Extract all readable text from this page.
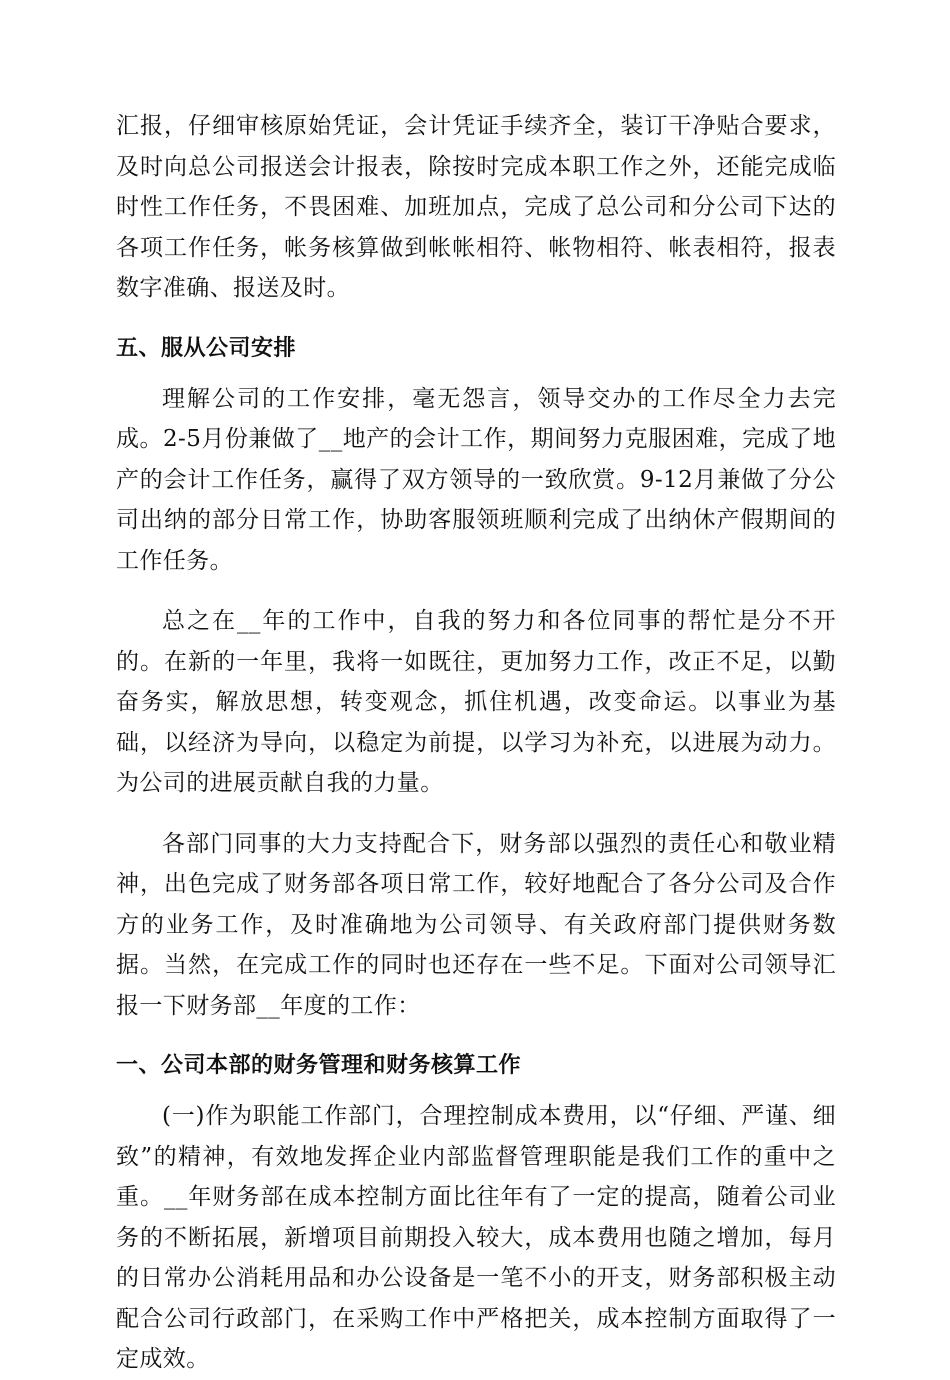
汇报，仔细审核原始凭证，会计凭证手续齐全，装订干净贴合要求，及时向总公司报送会计报表，除按时完成本职工作之外，还能完成临时性工作任务，不畏困难、加班加点，完成了总公司和分公司下达的各项工作任务，帐务核算做到帐帐相符、帐物相符、帐表相符，报表数字准确、报送及时。

五、服从公司安排

理解公司的工作安排，毫无怨言，领导交办的工作尽全力去完成。2-5月份兼做了__地产的会计工作，期间努力克服困难，完成了地产的会计工作任务，赢得了双方领导的一致欣赏。9-12月兼做了分公司出纳的部分日常工作，协助客服领班顺利完成了出纳休产假期间的工作任务。

总之在__年的工作中，自我的努力和各位同事的帮忙是分不开的。在新的一年里，我将一如既往，更加努力工作，改正不足，以勤奋务实，解放思想，转变观念，抓住机遇，改变命运。以事业为基础，以经济为导向，以稳定为前提，以学习为补充，以进展为动力。为公司的进展贡献自我的力量。

各部门同事的大力支持配合下，财务部以强烈的责任心和敬业精神，出色完成了财务部各项日常工作，较好地配合了各分公司及合作方的业务工作，及时准确地为公司领导、有关政府部门提供财务数据。当然，在完成工作的同时也还存在一些不足。下面对公司领导汇报一下财务部__年度的工作：

一、公司本部的财务管理和财务核算工作

(一)作为职能工作部门，合理控制成本费用，以“仔细、严谨、细致”的精神，有效地发挥企业内部监督管理职能是我们工作的重中之重。__年财务部在成本控制方面比往年有了一定的提高，随着公司业务的不断拓展，新增项目前期投入较大，成本费用也随之增加，每月的日常办公消耗用品和办公设备是一笔不小的开支，财务部积极主动配合公司行政部门，在采购工作中严格把关，成本控制方面取得了一定成效。
